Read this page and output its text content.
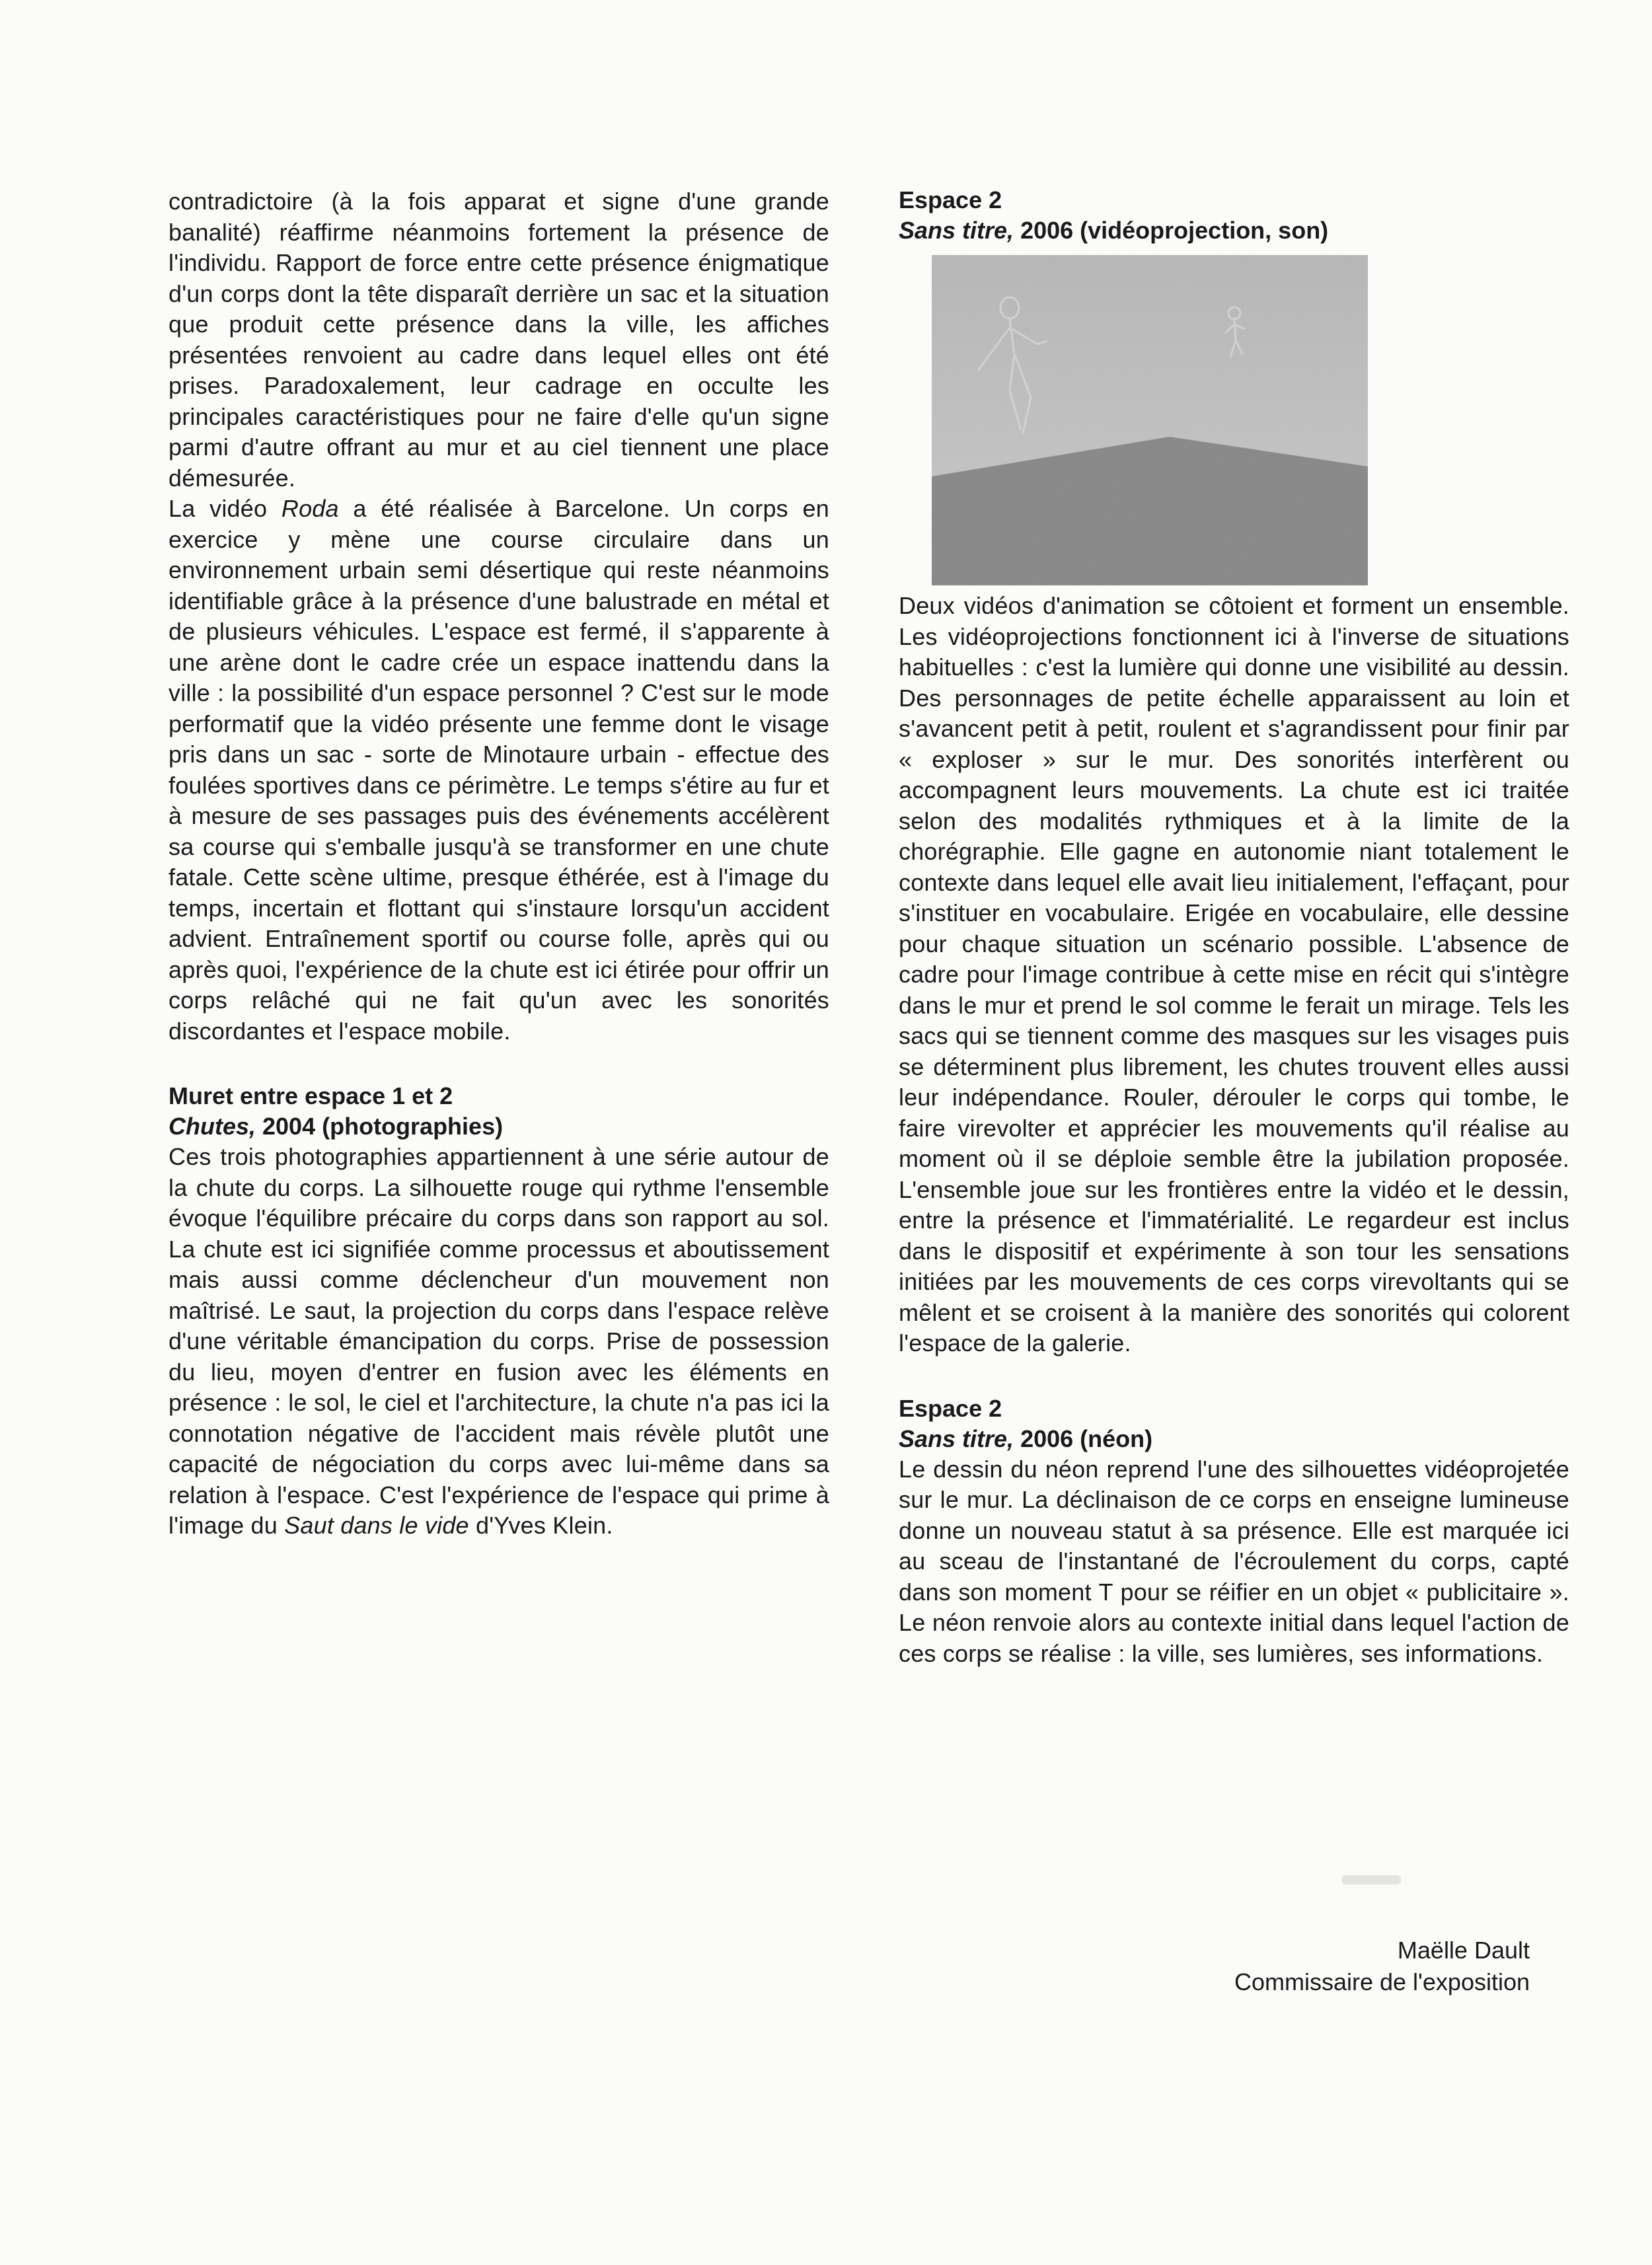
contradictoire (à la fois apparat et signe d'une grande banalité) réaffirme néanmoins fortement la présence de l'individu. Rapport de force entre cette présence énigmatique d'un corps dont la tête disparaît derrière un sac et la situation que produit cette présence dans la ville, les affiches présentées renvoient au cadre dans lequel elles ont été prises. Paradoxalement, leur cadrage en occulte les principales caractéristiques pour ne faire d'elle qu'un signe parmi d'autre offrant au mur et au ciel tiennent une place démesurée.

La vidéo Roda a été réalisée à Barcelone. Un corps en exercice y mène une course circulaire dans un environnement urbain semi désertique qui reste néanmoins identifiable grâce à la présence d'une balustrade en métal et de plusieurs véhicules. L'espace est fermé, il s'apparente à une arène dont le cadre crée un espace inattendu dans la ville : la possibilité d'un espace personnel ? C'est sur le mode performatif que la vidéo présente une femme dont le visage pris dans un sac - sorte de Minotaure urbain - effectue des foulées sportives dans ce périmètre. Le temps s'étire au fur et à mesure de ses passages puis des événements accélèrent sa course qui s'emballe jusqu'à se transformer en une chute fatale. Cette scène ultime, presque éthérée, est à l'image du temps, incertain et flottant qui s'instaure lorsqu'un accident advient. Entraînement sportif ou course folle, après qui ou après quoi, l'expérience de la chute est ici étirée pour offrir un corps relâché qui ne fait qu'un avec les sonorités discordantes et l'espace mobile.

Muret entre espace 1 et 2
Chutes, 2004 (photographies)

Ces trois photographies appartiennent à une série autour de la chute du corps. La silhouette rouge qui rythme l'ensemble évoque l'équilibre précaire du corps dans son rapport au sol. La chute est ici signifiée comme processus et aboutissement mais aussi comme déclencheur d'un mouvement non maîtrisé. Le saut, la projection du corps dans l'espace relève d'une véritable émancipation du corps. Prise de possession du lieu, moyen d'entrer en fusion avec les éléments en présence : le sol, le ciel et l'architecture, la chute n'a pas ici la connotation négative de l'accident mais révèle plutôt une capacité de négociation du corps avec lui-même dans sa relation à l'espace. C'est l'expérience de l'espace qui prime à l'image du Saut dans le vide d'Yves Klein.

Espace 2
Sans titre, 2006 (vidéoprojection, son)

Deux vidéos d'animation se côtoient et forment un ensemble. Les vidéoprojections fonctionnent ici à l'inverse de situations habituelles : c'est la lumière qui donne une visibilité au dessin. Des personnages de petite échelle apparaissent au loin et s'avancent petit à petit, roulent et s'agrandissent pour finir par « exploser » sur le mur. Des sonorités interfèrent ou accompagnent leurs mouvements. La chute est ici traitée selon des modalités rythmiques et à la limite de la chorégraphie. Elle gagne en autonomie niant totalement le contexte dans lequel elle avait lieu initialement, l'effaçant, pour s'instituer en vocabulaire. Erigée en vocabulaire, elle dessine pour chaque situation un scénario possible. L'absence de cadre pour l'image contribue à cette mise en récit qui s'intègre dans le mur et prend le sol comme le ferait un mirage. Tels les sacs qui se tiennent comme des masques sur les visages puis se déterminent plus librement, les chutes trouvent elles aussi leur indépendance. Rouler, dérouler le corps qui tombe, le faire virevolter et apprécier les mouvements qu'il réalise au moment où il se déploie semble être la jubilation proposée. L'ensemble joue sur les frontières entre la vidéo et le dessin, entre la présence et l'immatérialité. Le regardeur est inclus dans le dispositif et expérimente à son tour les sensations initiées par les mouvements de ces corps virevoltants qui se mêlent et se croisent à la manière des sonorités qui colorent l'espace de la galerie.

Espace 2
Sans titre, 2006 (néon)

Le dessin du néon reprend l'une des silhouettes vidéoprojetée sur le mur. La déclinaison de ce corps en enseigne lumineuse donne un nouveau statut à sa présence. Elle est marquée ici au sceau de l'instantané de l'écroulement du corps, capté dans son moment T pour se réifier en un objet « publicitaire ». Le néon renvoie alors au contexte initial dans lequel l'action de ces corps se réalise : la ville, ses lumières, ses informations.

Maëlle Dault
Commissaire de l'exposition
